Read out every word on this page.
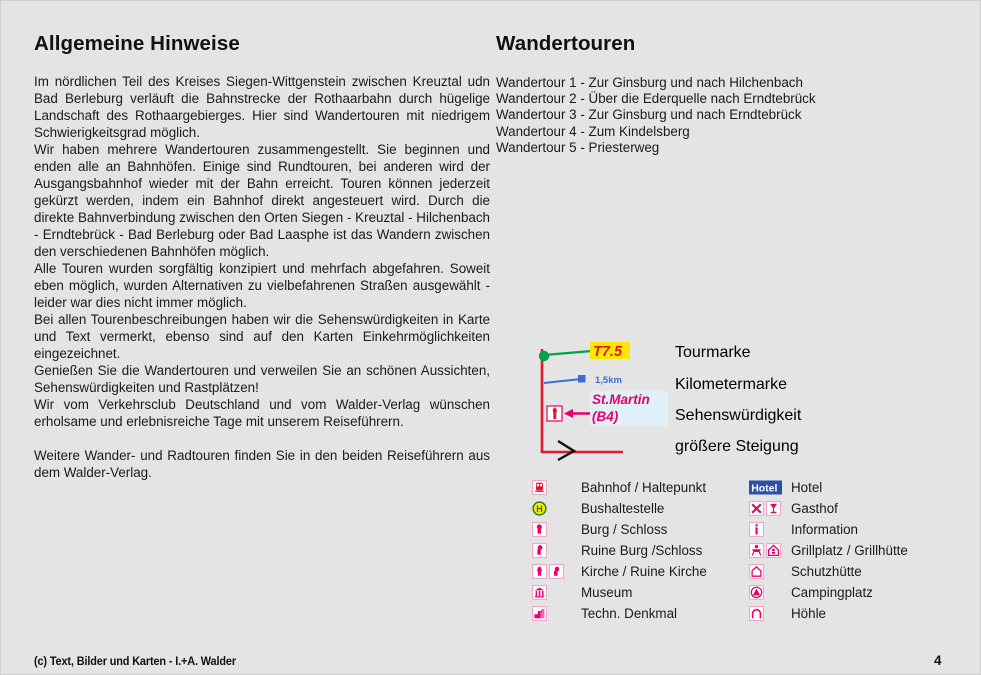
Allgemeine Hinweise

Im nördlichen Teil des Kreises Siegen-Wittgenstein zwischen Kreuztal udn Bad Berleburg verläuft die Bahnstrecke der Rothaarbahn durch hügelige Landschaft des Rothaargebierges. Hier sind Wandertouren mit niedrigem Schwierigkeitsgrad möglich.

Wir haben mehrere Wandertouren zusammengestellt. Sie beginnen und enden alle an Bahnhöfen. Einige sind Rundtouren, bei anderen wird der Ausgangsbahnhof wieder mit der Bahn erreicht. Touren können jederzeit gekürzt werden, indem ein Bahnhof direkt angesteuert wird. Durch die direkte Bahnverbindung zwischen den Orten Siegen - Kreuztal - Hilchenbach - Erndtebrück - Bad Berleburg oder Bad Laasphe ist das Wandern zwischen den verschiedenen Bahnhöfen möglich.

Alle Touren wurden sorgfältig konzipiert und mehrfach abgefahren. Soweit eben möglich, wurden Alternativen zu vielbefahrenen Straßen ausgewählt - leider war dies nicht immer möglich.

Bei allen Tourenbeschreibungen haben wir die Sehenswürdigkeiten in Karte und Text vermerkt, ebenso sind auf den Karten Einkehrmöglichkeiten eingezeichnet.

Genießen Sie die Wandertouren und verweilen Sie an schönen Aussichten, Sehenswürdigkeiten und Rastplätzen!

Wir vom Verkehrsclub Deutschland und vom Walder-Verlag wünschen erholsame und erlebnisreiche Tage mit unserem Reiseführern.

Weitere Wander- und Radtouren finden Sie in den beiden Reiseführern aus dem Walder-Verlag.

Wandertouren
Wandertour 1 - Zur Ginsburg und nach Hilchenbach
Wandertour 2 - Über die Ederquelle nach Erndtebrück
Wandertour 3 - Zur Ginsburg und nach Erndtebrück
Wandertour 4 - Zum Kindelsberg
Wandertour 5 - Priesterweg
T7.5
1,5km
St.Martin
(B4)
Tourmarke
Kilometermarke
Sehenswürdigkeit
größere Steigung
Bahnhof / Haltepunkt
H	Bushaltestelle
Burg / Schloss
Ruine Burg /Schloss
Kirche / Ruine Kirche
Museum
Techn. Denkmal
Hotel Hotel
Gasthof
Information
Grillplatz / Grillhütte
Schutzhütte
Campingplatz
Höhle
(c) Text, Bilder und Karten - I.+A. Walder	4
